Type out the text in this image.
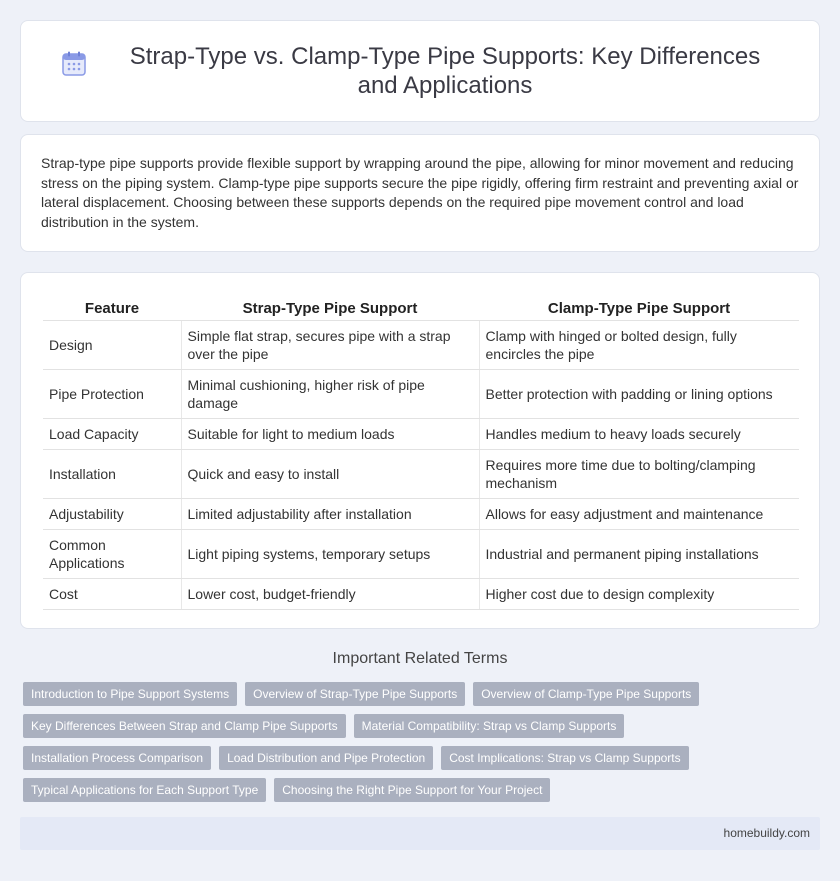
Strap-Type vs. Clamp-Type Pipe Supports: Key Differences and Applications

Strap-type pipe supports provide flexible support by wrapping around the pipe, allowing for minor movement and reducing stress on the piping system. Clamp-type pipe supports secure the pipe rigidly, offering firm restraint and preventing axial or lateral displacement. Choosing between these supports depends on the required pipe movement control and load distribution in the system.

Feature	Strap-Type Pipe Support	Clamp-Type Pipe Support
Design	Simple flat strap, secures pipe with a strap over the pipe	Clamp with hinged or bolted design, fully encircles the pipe
Pipe Protection	Minimal cushioning, higher risk of pipe damage	Better protection with padding or lining options
Load Capacity	Suitable for light to medium loads	Handles medium to heavy loads securely
Installation	Quick and easy to install	Requires more time due to bolting/clamping mechanism
Adjustability	Limited adjustability after installation	Allows for easy adjustment and maintenance
Common Applications	Light piping systems, temporary setups	Industrial and permanent piping installations
Cost	Lower cost, budget-friendly	Higher cost due to design complexity
Important Related Terms
Introduction to Pipe Support Systems	Overview of Strap-Type Pipe Supports	Overview of Clamp-Type Pipe Supports
Key Differences Between Strap and Clamp Pipe Supports	Material Compatibility: Strap vs Clamp Supports
Installation Process Comparison	Load Distribution and Pipe Protection	Cost Implications: Strap vs Clamp Supports
Typical Applications for Each Support Type	Choosing the Right Pipe Support for Your Project
homebuildy.com
